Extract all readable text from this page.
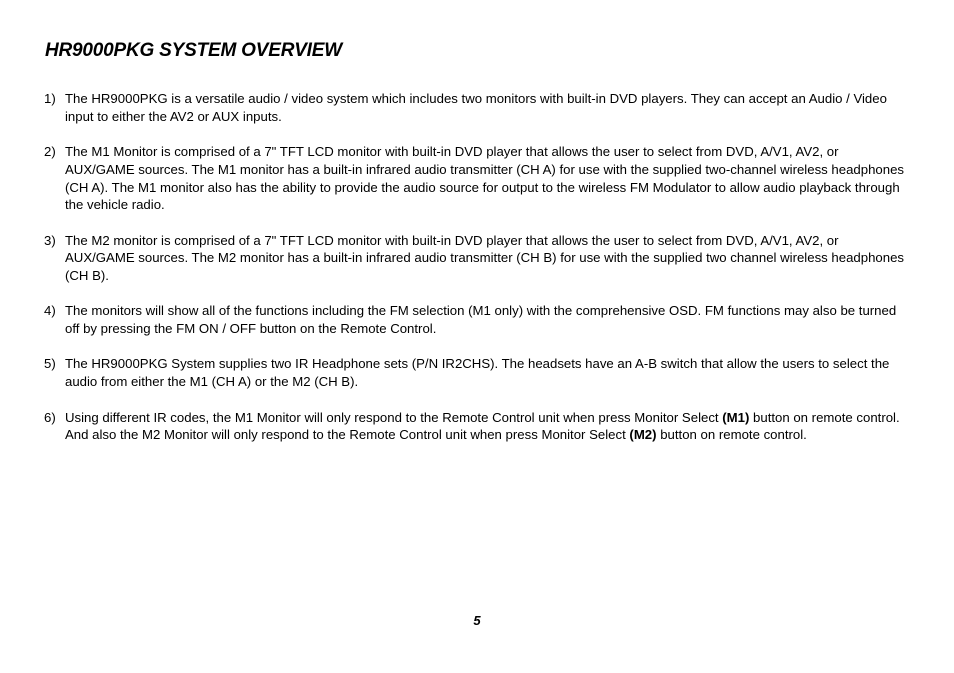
HR9000PKG SYSTEM OVERVIEW
1) The HR9000PKG is a versatile audio / video system which includes two monitors with built-in DVD players. They can accept an Audio / Video input to either the AV2 or AUX inputs.
2) The M1 Monitor is comprised of a 7" TFT LCD monitor with built-in DVD player that allows the user to select from DVD, A/V1, AV2, or AUX/GAME sources. The M1 monitor has a built-in infrared audio transmitter (CH A) for use with the supplied two-channel wireless headphones (CH A). The M1 monitor also has the ability to provide the audio source for output to the wireless FM Modulator to allow audio playback through the vehicle radio.
3) The M2 monitor is comprised of a 7" TFT LCD monitor with built-in DVD player that allows the user to select from DVD, A/V1, AV2, or AUX/GAME sources. The M2 monitor has a built-in infrared audio transmitter (CH B) for use with the supplied two channel wireless headphones (CH B).
4) The monitors will show all of the functions including the FM selection (M1 only) with the comprehensive OSD. FM functions may also be turned off by pressing the FM ON / OFF button on the Remote Control.
5) The HR9000PKG System supplies two IR Headphone sets (P/N IR2CHS). The headsets have an A-B switch that allow the users to select the audio from either the M1 (CH A) or the M2 (CH B).
6) Using different IR codes, the M1 Monitor will only respond to the Remote Control unit when press Monitor Select (M1) button on remote control. And also the M2 Monitor will only respond to the Remote Control unit when press Monitor Select (M2) button on remote control.
5
